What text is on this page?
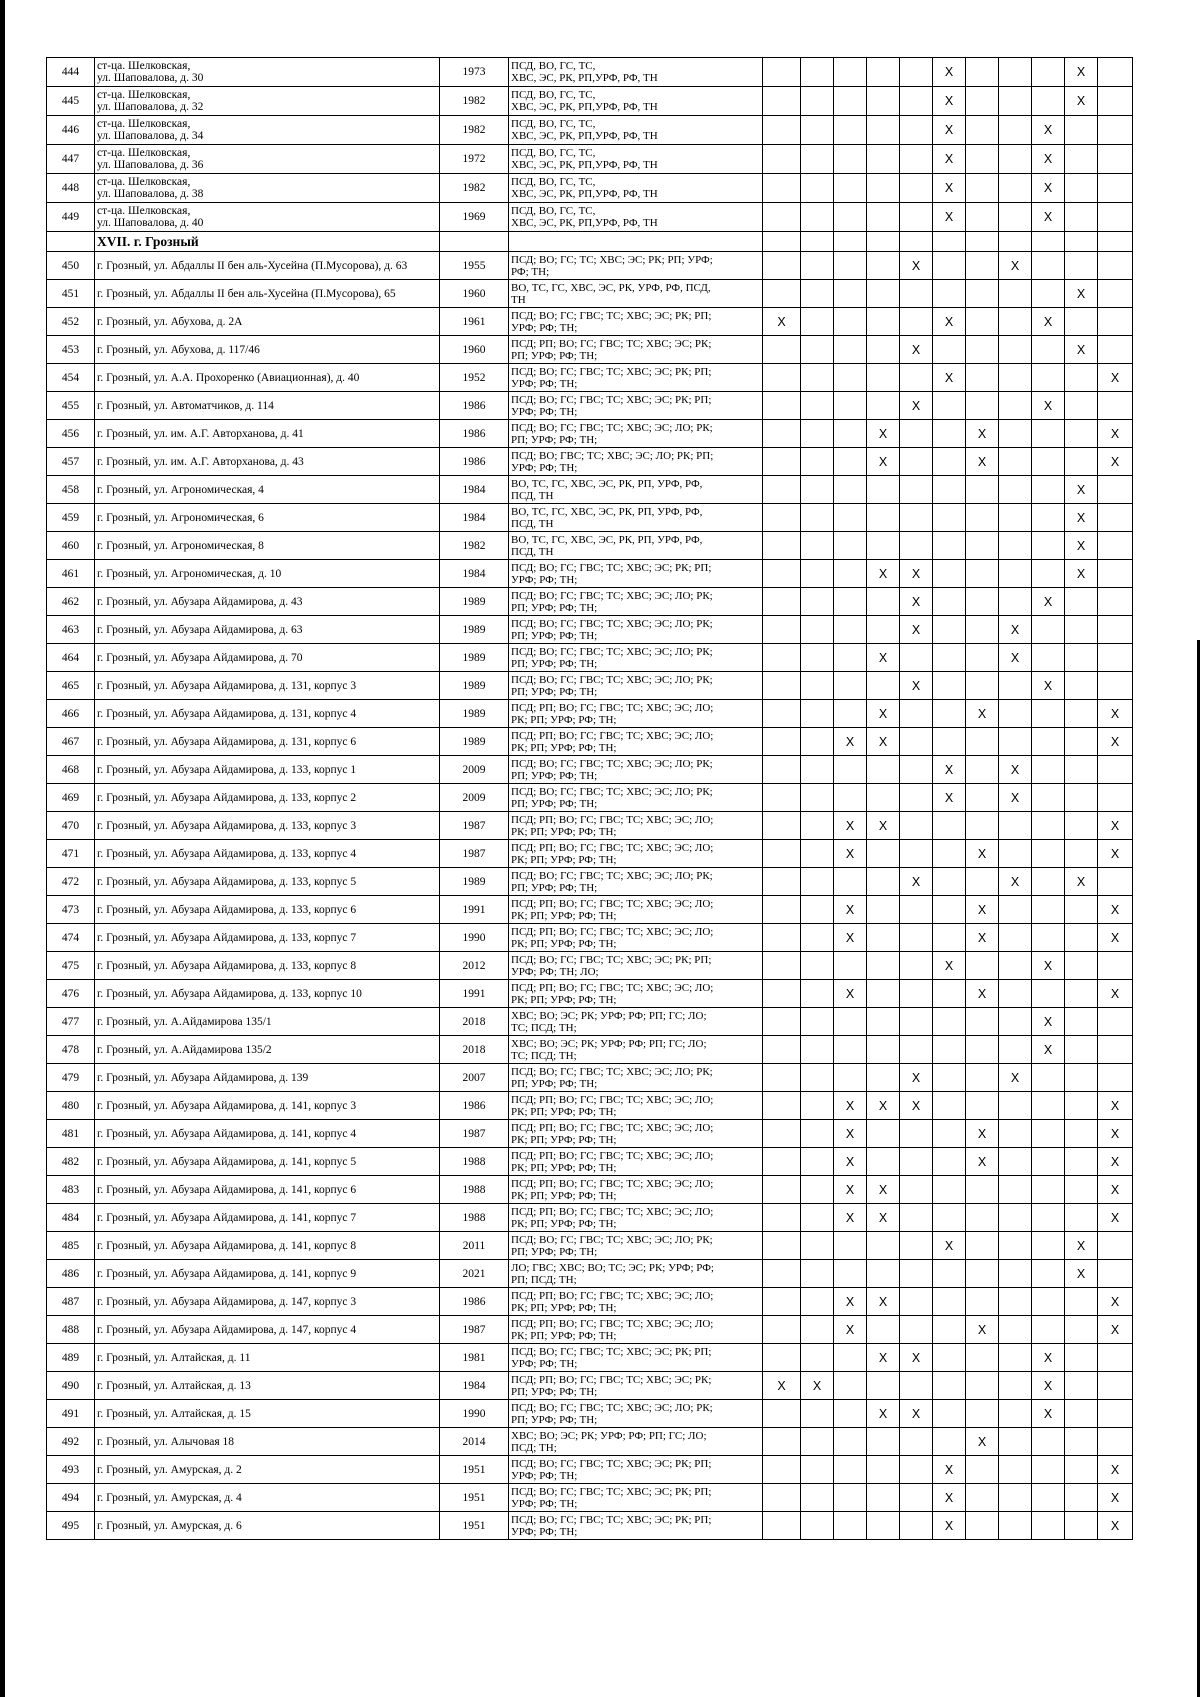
444	ст-ца. Шелковская,
ул. Шаповалова, д. 30	1973	ПСД, ВО, ГС, ТС,
ХВС, ЭС, РК, РП,УРФ, РФ, ТН						X				X	
445	ст-ца. Шелковская,
ул. Шаповалова, д. 32	1982	ПСД, ВО, ГС, ТС,
ХВС, ЭС, РК, РП,УРФ, РФ, ТН						X				X	
446	ст-ца. Шелковская,
ул. Шаповалова, д. 34	1982	ПСД, ВО, ГС, ТС,
ХВС, ЭС, РК, РП,УРФ, РФ, ТН						X			X		
447	ст-ца. Шелковская,
ул. Шаповалова, д. 36	1972	ПСД, ВО, ГС, ТС,
ХВС, ЭС, РК, РП,УРФ, РФ, ТН						X			X		
448	ст-ца. Шелковская,
ул. Шаповалова, д. 38	1982	ПСД, ВО, ГС, ТС,
ХВС, ЭС, РК, РП,УРФ, РФ, ТН						X			X		
449	ст-ца. Шелковская,
ул. Шаповалова, д. 40	1969	ПСД, ВО, ГС, ТС,
ХВС, ЭС, РК, РП,УРФ, РФ, ТН						X			X		
	XVII. г. Грозный													
450	г. Грозный, ул. Абдаллы II бен аль-Хусейна (П.Мусорова), д. 63	1955	ПСД; ВО; ГС; ТС; ХВС; ЭС; РК; РП; УРФ;
РФ; ТН;					X			X			
451	г. Грозный, ул. Абдаллы II бен аль-Хусейна (П.Мусорова), 65	1960	ВО, ТС, ГС, ХВС, ЭС, РК, УРФ, РФ, ПСД,
ТН										X	
452	г. Грозный, ул. Абухова, д. 2А	1961	ПСД; ВО; ГС; ГВС; ТС; ХВС; ЭС; РК; РП;
УРФ; РФ; ТН;	X					X			X		
453	г. Грозный, ул. Абухова, д. 117/46	1960	ПСД; РП; ВО; ГС; ГВС; ТС; ХВС; ЭС; РК;
РП; УРФ; РФ; ТН;					X					X	
454	г. Грозный, ул. А.А. Прохоренко (Авиационная), д. 40	1952	ПСД; ВО; ГС; ГВС; ТС; ХВС; ЭС; РК; РП;
УРФ; РФ; ТН;						X					X
455	г. Грозный, ул. Автоматчиков, д. 114	1986	ПСД; ВО; ГС; ГВС; ТС; ХВС; ЭС; РК; РП;
УРФ; РФ; ТН;					X				X		
456	г. Грозный, ул. им. А.Г. Авторханова, д. 41	1986	ПСД; ВО; ГС; ГВС; ТС; ХВС; ЭС; ЛО; РК;
РП; УРФ; РФ; ТН;				X			X				X
457	г. Грозный, ул. им. А.Г. Авторханова, д. 43	1986	ПСД; ВО; ГВС; ТС; ХВС; ЭС; ЛО; РК; РП;
УРФ; РФ; ТН;				X			X				X
458	г. Грозный, ул. Агрономическая, 4	1984	ВО, ТС, ГС, ХВС, ЭС, РК, РП, УРФ, РФ,
ПСД, ТН										X	
459	г. Грозный, ул. Агрономическая, 6	1984	ВО, ТС, ГС, ХВС, ЭС, РК, РП, УРФ, РФ,
ПСД, ТН										X	
460	г. Грозный, ул. Агрономическая, 8	1982	ВО, ТС, ГС, ХВС, ЭС, РК, РП, УРФ, РФ,
ПСД, ТН										X	
461	г. Грозный, ул. Агрономическая, д. 10	1984	ПСД; ВО; ГС; ГВС; ТС; ХВС; ЭС; РК; РП;
УРФ; РФ; ТН;				X	X					X	
462	г. Грозный, ул. Абузара Айдамирова, д. 43	1989	ПСД; ВО; ГС; ГВС; ТС; ХВС; ЭС; ЛО; РК;
РП; УРФ; РФ; ТН;					X				X		
463	г. Грозный, ул. Абузара Айдамирова, д. 63	1989	ПСД; ВО; ГС; ГВС; ТС; ХВС; ЭС; ЛО; РК;
РП; УРФ; РФ; ТН;					X			X			
464	г. Грозный, ул. Абузара Айдамирова, д. 70	1989	ПСД; ВО; ГС; ГВС; ТС; ХВС; ЭС; ЛО; РК;
РП; УРФ; РФ; ТН;				X				X			
465	г. Грозный, ул. Абузара Айдамирова, д. 131, корпус 3	1989	ПСД; ВО; ГС; ГВС; ТС; ХВС; ЭС; ЛО; РК;
РП; УРФ; РФ; ТН;					X				X		
466	г. Грозный, ул. Абузара Айдамирова, д. 131, корпус 4	1989	ПСД; РП; ВО; ГС; ГВС; ТС; ХВС; ЭС; ЛО;
РК; РП; УРФ; РФ; ТН;				X			X				X
467	г. Грозный, ул. Абузара Айдамирова, д. 131, корпус 6	1989	ПСД; РП; ВО; ГС; ГВС; ТС; ХВС; ЭС; ЛО;
РК; РП; УРФ; РФ; ТН;			X	X							X
468	г. Грозный, ул. Абузара Айдамирова, д. 133, корпус 1	2009	ПСД; ВО; ГС; ГВС; ТС; ХВС; ЭС; ЛО; РК;
РП; УРФ; РФ; ТН;						X		X			
469	г. Грозный, ул. Абузара Айдамирова, д. 133, корпус 2	2009	ПСД; ВО; ГС; ГВС; ТС; ХВС; ЭС; ЛО; РК;
РП; УРФ; РФ; ТН;						X		X			
470	г. Грозный, ул. Абузара Айдамирова, д. 133, корпус 3	1987	ПСД; РП; ВО; ГС; ГВС; ТС; ХВС; ЭС; ЛО;
РК; РП; УРФ; РФ; ТН;			X	X							X
471	г. Грозный, ул. Абузара Айдамирова, д. 133, корпус 4	1987	ПСД; РП; ВО; ГС; ГВС; ТС; ХВС; ЭС; ЛО;
РК; РП; УРФ; РФ; ТН;			X				X				X
472	г. Грозный, ул. Абузара Айдамирова, д. 133, корпус 5	1989	ПСД; ВО; ГС; ГВС; ТС; ХВС; ЭС; ЛО; РК;
РП; УРФ; РФ; ТН;					X			X		X	
473	г. Грозный, ул. Абузара Айдамирова, д. 133, корпус 6	1991	ПСД; РП; ВО; ГС; ГВС; ТС; ХВС; ЭС; ЛО;
РК; РП; УРФ; РФ; ТН;			X				X				X
474	г. Грозный, ул. Абузара Айдамирова, д. 133, корпус 7	1990	ПСД; РП; ВО; ГС; ГВС; ТС; ХВС; ЭС; ЛО;
РК; РП; УРФ; РФ; ТН;			X				X				X
475	г. Грозный, ул. Абузара Айдамирова, д. 133, корпус 8	2012	ПСД; ВО; ГС; ГВС; ТС; ХВС; ЭС; РК; РП;
УРФ; РФ; ТН; ЛО;						X			X		
476	г. Грозный, ул. Абузара Айдамирова, д. 133, корпус 10	1991	ПСД; РП; ВО; ГС; ГВС; ТС; ХВС; ЭС; ЛО;
РК; РП; УРФ; РФ; ТН;			X				X				X
477	г. Грозный, ул. А.Айдамирова 135/1	2018	ХВС; ВО; ЭС; РК; УРФ; РФ; РП; ГС; ЛО;
ТС; ПСД; ТН;									X		
478	г. Грозный, ул. А.Айдамирова 135/2	2018	ХВС; ВО; ЭС; РК; УРФ; РФ; РП; ГС; ЛО;
ТС; ПСД; ТН;									X		
479	г. Грозный, ул. Абузара Айдамирова, д. 139	2007	ПСД; ВО; ГС; ГВС; ТС; ХВС; ЭС; ЛО; РК;
РП; УРФ; РФ; ТН;					X			X			
480	г. Грозный, ул. Абузара Айдамирова, д. 141, корпус 3	1986	ПСД; РП; ВО; ГС; ГВС; ТС; ХВС; ЭС; ЛО;
РК; РП; УРФ; РФ; ТН;			X	X	X						X
481	г. Грозный, ул. Абузара Айдамирова, д. 141, корпус 4	1987	ПСД; РП; ВО; ГС; ГВС; ТС; ХВС; ЭС; ЛО;
РК; РП; УРФ; РФ; ТН;			X				X				X
482	г. Грозный, ул. Абузара Айдамирова, д. 141, корпус 5	1988	ПСД; РП; ВО; ГС; ГВС; ТС; ХВС; ЭС; ЛО;
РК; РП; УРФ; РФ; ТН;			X				X				X
483	г. Грозный, ул. Абузара Айдамирова, д. 141, корпус 6	1988	ПСД; РП; ВО; ГС; ГВС; ТС; ХВС; ЭС; ЛО;
РК; РП; УРФ; РФ; ТН;			X	X							X
484	г. Грозный, ул. Абузара Айдамирова, д. 141, корпус 7	1988	ПСД; РП; ВО; ГС; ГВС; ТС; ХВС; ЭС; ЛО;
РК; РП; УРФ; РФ; ТН;			X	X							X
485	г. Грозный, ул. Абузара Айдамирова, д. 141, корпус 8	2011	ПСД; ВО; ГС; ГВС; ТС; ХВС; ЭС; ЛО; РК;
РП; УРФ; РФ; ТН;						X				X	
486	г. Грозный, ул. Абузара Айдамирова, д. 141, корпус 9	2021	ЛО; ГВС; ХВС; ВО; ТС; ЭС; РК; УРФ; РФ;
РП; ПСД; ТН;										X	
487	г. Грозный, ул. Абузара Айдамирова, д. 147, корпус 3	1986	ПСД; РП; ВО; ГС; ГВС; ТС; ХВС; ЭС; ЛО;
РК; РП; УРФ; РФ; ТН;			X	X							X
488	г. Грозный, ул. Абузара Айдамирова, д. 147, корпус 4	1987	ПСД; РП; ВО; ГС; ГВС; ТС; ХВС; ЭС; ЛО;
РК; РП; УРФ; РФ; ТН;			X				X				X
489	г. Грозный, ул. Алтайская, д. 11	1981	ПСД; ВО; ГС; ГВС; ТС; ХВС; ЭС; РК; РП;
УРФ; РФ; ТН;				X	X				X		
490	г. Грозный, ул. Алтайская, д. 13	1984	ПСД; РП; ВО; ГС; ГВС; ТС; ХВС; ЭС; РК;
РП; УРФ; РФ; ТН;	X	X							X		
491	г. Грозный, ул. Алтайская, д. 15	1990	ПСД; ВО; ГС; ГВС; ТС; ХВС; ЭС; ЛО; РК;
РП; УРФ; РФ; ТН;				X	X				X		
492	г. Грозный, ул. Алычовая 18	2014	ХВС; ВО; ЭС; РК; УРФ; РФ; РП; ГС; ЛО;
ПСД; ТН;							X				
493	г. Грозный, ул. Амурская, д. 2	1951	ПСД; ВО; ГС; ГВС; ТС; ХВС; ЭС; РК; РП;
УРФ; РФ; ТН;						X					X
494	г. Грозный, ул. Амурская, д. 4	1951	ПСД; ВО; ГС; ГВС; ТС; ХВС; ЭС; РК; РП;
УРФ; РФ; ТН;						X					X
495	г. Грозный, ул. Амурская, д. 6	1951	ПСД; ВО; ГС; ГВС; ТС; ХВС; ЭС; РК; РП;
УРФ; РФ; ТН;						X					X
